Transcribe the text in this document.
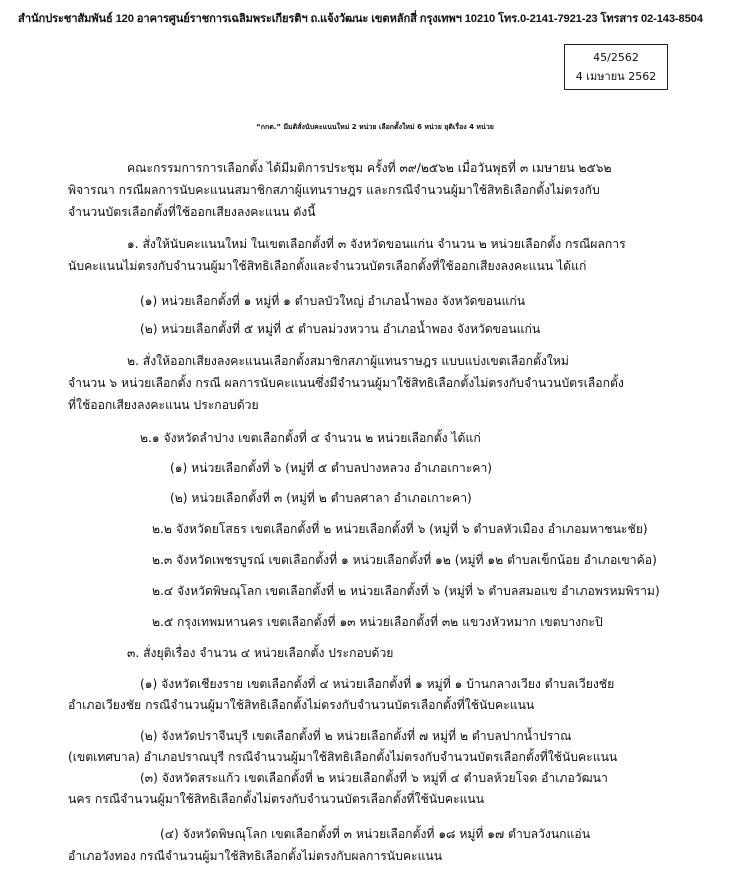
สำนักประชาสัมพันธ์ 120 อาคารศูนย์ราชการเฉลิมพระเกียรติฯ ถ.แจ้งวัฒนะ เขตหลักสี่ กรุงเทพฯ 10210 โทร.0-2141-7921-23 โทรสาร 02-143-8504
45/2562
4 เมษายน 2562
“กกต.” มีมติสั่งนับคะแนนใหม่ 2 หน่วย เลือกตั้งใหม่ 6 หน่วย ยุติเรื่อง 4 หน่วย
คณะกรรมการการเลือกตั้ง ได้มีมติการประชุม ครั้งที่ ๓๙/๒๕๖๒ เมื่อวันพุธที่ ๓ เมษายน ๒๕๖๒
พิจารณา กรณีผลการนับคะแนนสมาชิกสภาผู้แทนราษฎร และกรณีจำนวนผู้มาใช้สิทธิเลือกตั้งไม่ตรงกับ
จำนวนบัตรเลือกตั้งที่ใช้ออกเสียงลงคะแนน ดังนี้
๑. สั่งให้นับคะแนนใหม่ ในเขตเลือกตั้งที่ ๓ จังหวัดขอนแก่น จำนวน ๒ หน่วยเลือกตั้ง กรณีผลการ
นับคะแนนไม่ตรงกับจำนวนผู้มาใช้สิทธิเลือกตั้งและจำนวนบัตรเลือกตั้งที่ใช้ออกเสียงลงคะแนน ได้แก่
(๑) หน่วยเลือกตั้งที่ ๑ หมู่ที่ ๑ ตำบลบัวใหญ่ อำเภอน้ำพอง จังหวัดขอนแก่น
(๒) หน่วยเลือกตั้งที่ ๕ หมู่ที่ ๕ ตำบลม่วงหวาน อำเภอน้ำพอง จังหวัดขอนแก่น
๒. สั่งให้ออกเสียงลงคะแนนเลือกตั้งสมาชิกสภาผู้แทนราษฎร แบบแบ่งเขตเลือกตั้งใหม่
จำนวน ๖ หน่วยเลือกตั้ง กรณี ผลการนับคะแนนซึ่งมีจำนวนผู้มาใช้สิทธิเลือกตั้งไม่ตรงกับจำนวนบัตรเลือกตั้ง
ที่ใช้ออกเสียงลงคะแนน ประกอบด้วย
๒.๑ จังหวัดลำปาง เขตเลือกตั้งที่ ๔ จำนวน ๒ หน่วยเลือกตั้ง ได้แก่
(๑) หน่วยเลือกตั้งที่ ๖ (หมู่ที่ ๕ ตำบลปางหลวง อำเภอเกาะคา)
(๒) หน่วยเลือกตั้งที่ ๓ (หมู่ที่ ๒ ตำบลศาลา อำเภอเกาะคา)
๒.๒ จังหวัดยโสธร เขตเลือกตั้งที่ ๒ หน่วยเลือกตั้งที่ ๖ (หมู่ที่ ๖ ตำบลหัวเมือง อำเภอมหาชนะชัย)
๒.๓ จังหวัดเพชรบูรณ์ เขตเลือกตั้งที่ ๑ หน่วยเลือกตั้งที่ ๑๒ (หมู่ที่ ๑๒ ตำบลเข็กน้อย อำเภอเขาค้อ)
๒.๔ จังหวัดพิษณุโลก เขตเลือกตั้งที่ ๒ หน่วยเลือกตั้งที่ ๖ (หมู่ที่ ๖ ตำบลสมอแข อำเภอพรหมพิราม)
๒.๕ กรุงเทพมหานคร เขตเลือกตั้งที่ ๑๓ หน่วยเลือกตั้งที่ ๓๒ แขวงหัวหมาก เขตบางกะปิ
๓. สั่งยุติเรื่อง จำนวน ๔ หน่วยเลือกตั้ง ประกอบด้วย
(๑) จังหวัดเชียงราย เขตเลือกตั้งที่ ๔ หน่วยเลือกตั้งที่ ๑ หมู่ที่ ๑ บ้านกลางเวียง ตำบลเวียงชัย
อำเภอเวียงชัย กรณีจำนวนผู้มาใช้สิทธิเลือกตั้งไม่ตรงกับจำนวนบัตรเลือกตั้งที่ใช้นับคะแนน
(๒) จังหวัดปราจีนบุรี เขตเลือกตั้งที่ ๒ หน่วยเลือกตั้งที่ ๗ หมู่ที่ ๒ ตำบลปากน้ำปราณ
(เขตเทศบาล) อำเภอปราณบุรี กรณีจำนวนผู้มาใช้สิทธิเลือกตั้งไม่ตรงกับจำนวนบัตรเลือกตั้งที่ใช้นับคะแนน
(๓) จังหวัดสระแก้ว เขตเลือกตั้งที่ ๒ หน่วยเลือกตั้งที่ ๖ หมู่ที่ ๔ ตำบลห้วยโจด อำเภอวัฒนา
นคร กรณีจำนวนผู้มาใช้สิทธิเลือกตั้งไม่ตรงกับจำนวนบัตรเลือกตั้งที่ใช้นับคะแนน
(๔) จังหวัดพิษณุโลก เขตเลือกตั้งที่ ๓ หน่วยเลือกตั้งที่ ๑๘ หมู่ที่ ๑๗ ตำบลวังนกแอ่น
อำเภอวังทอง กรณีจำนวนผู้มาใช้สิทธิเลือกตั้งไม่ตรงกับผลการนับคะแนน
